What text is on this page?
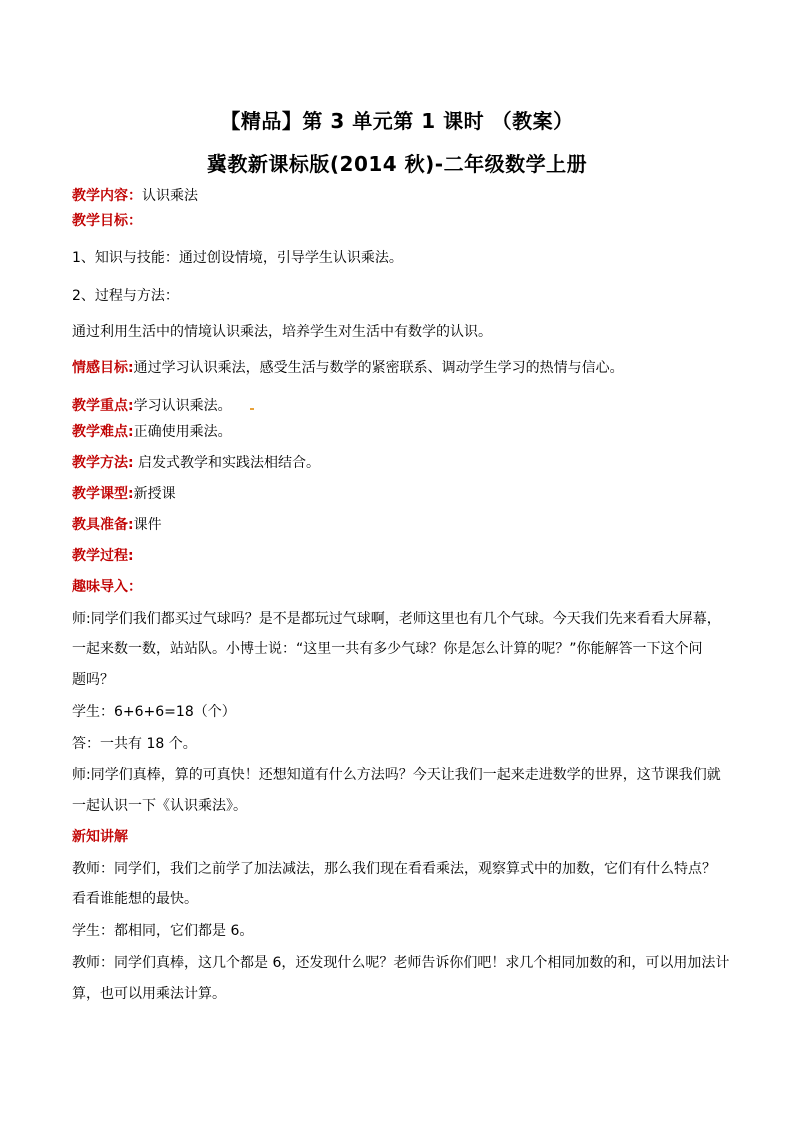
【精品】第 3 单元第 1 课时 （教案）
冀教新课标版(2014 秋)-二年级数学上册
教学内容：认识乘法
教学目标：
1、知识与技能：通过创设情境，引导学生认识乘法。
2、过程与方法：
通过利用生活中的情境认识乘法，培养学生对生活中有数学的认识。
情感目标:通过学习认识乘法，感受生活与数学的紧密联系、调动学生学习的热情与信心。
教学重点:学习认识乘法。
教学难点:正确使用乘法。
教学方法: 启发式教学和实践法相结合。
教学课型:新授课
教具准备:课件
教学过程:
趣味导入：
师:同学们我们都买过气球吗？是不是都玩过气球啊，老师这里也有几个气球。今天我们先来看看大屏幕，
一起来数一数，站站队。小博士说：“这里一共有多少气球？你是怎么计算的呢？”你能解答一下这个问
题吗？
学生：6+6+6=18（个）
答：一共有 18 个。
师:同学们真棒，算的可真快！还想知道有什么方法吗？今天让我们一起来走进数学的世界，这节课我们就
一起认识一下《认识乘法》。
新知讲解
教师：同学们，我们之前学了加法减法，那么我们现在看看乘法，观察算式中的加数，它们有什么特点？
看看谁能想的最快。
学生：都相同，它们都是 6。
教师：同学们真棒，这几个都是 6，还发现什么呢？老师告诉你们吧！求几个相同加数的和，可以用加法计
算，也可以用乘法计算。
